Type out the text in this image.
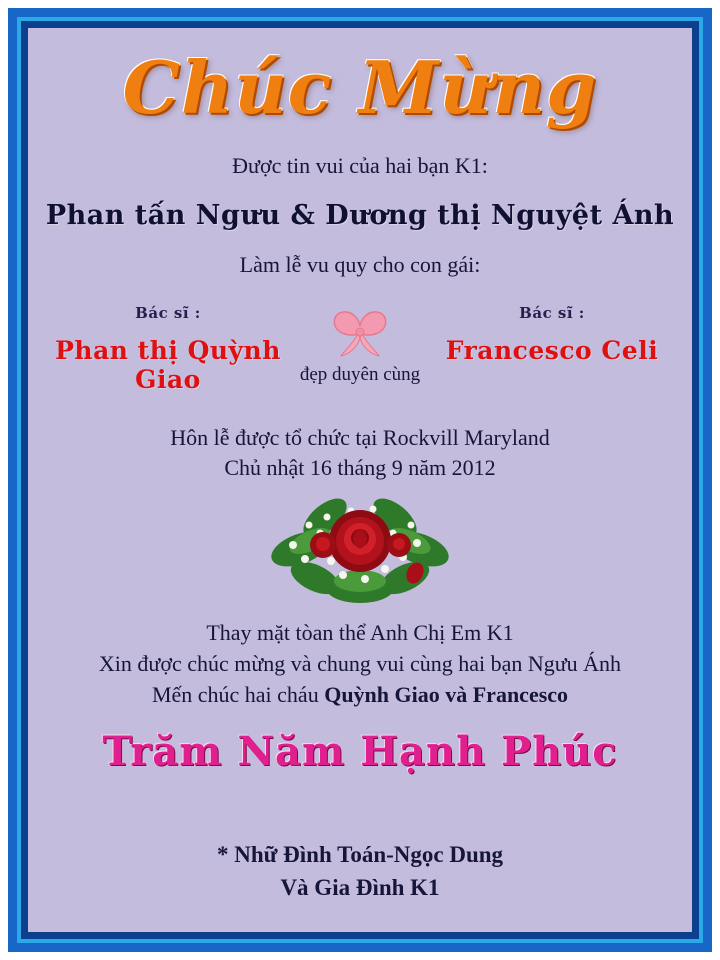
Chúc Mừng
Được tin vui của hai bạn K1:
Phan tấn Ngưu & Dương thị Nguyệt Ánh
Làm lễ vu quy cho con gái:
Bác sĩ :
Phan thị Quỳnh Giao
Bác sĩ :
Francesco Celi
đẹp duyên cùng
Hôn lễ được tổ chức tại Rockvill Maryland
Chủ nhật 16 tháng 9 năm 2012
Thay mặt tòan thể Anh Chị Em K1
Xin được chúc mừng và chung vui cùng hai bạn Ngưu Ánh
Mến chúc hai cháu Quỳnh Giao và Francesco
Trăm Năm Hạnh Phúc
* Nhữ Đình Toán-Ngọc Dung
Và Gia Đình K1
